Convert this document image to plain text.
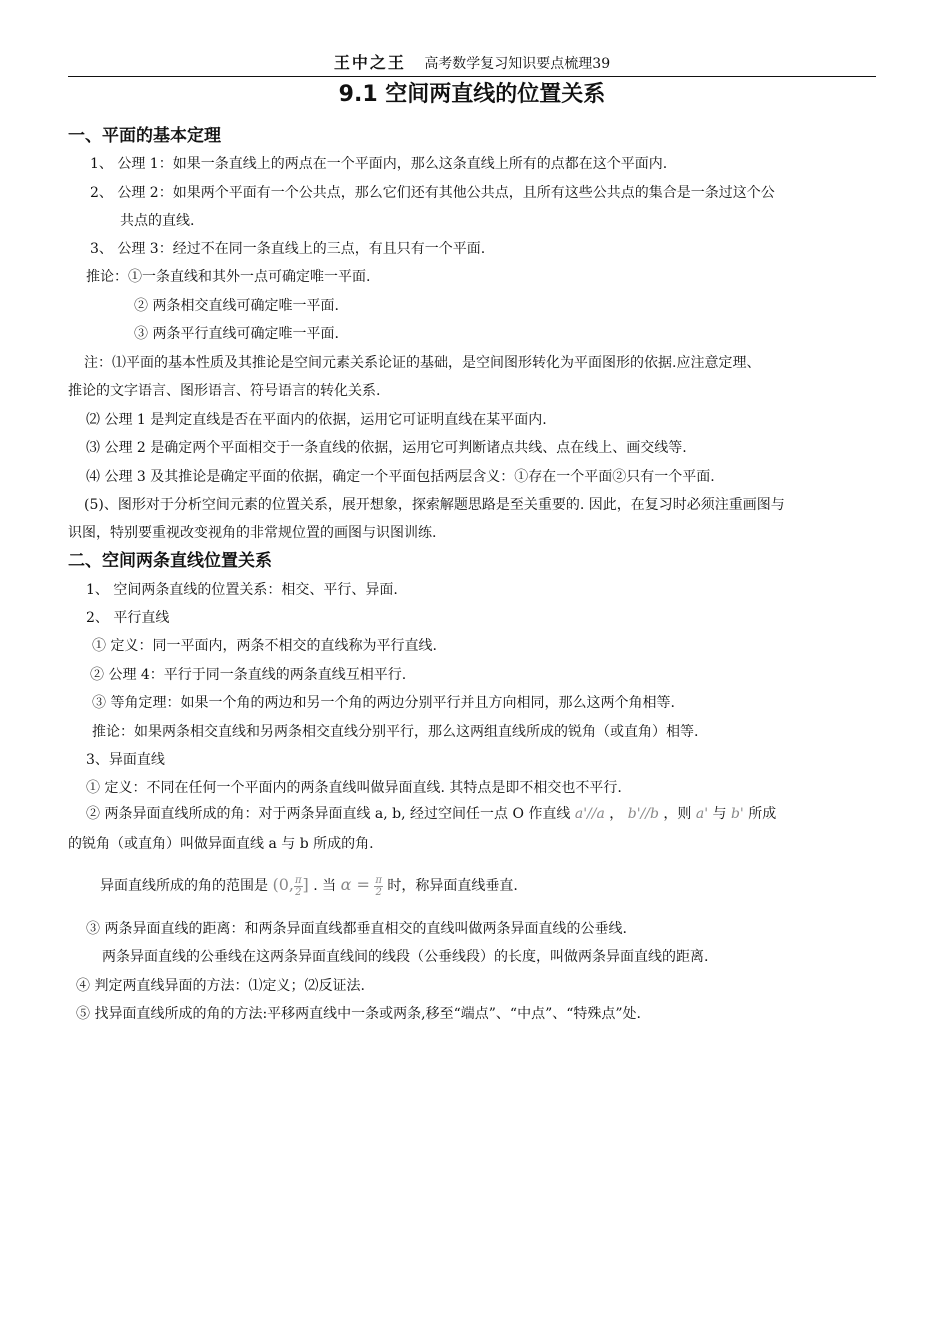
王中之王 高考数学复习知识要点梳理39
9.1 空间两直线的位置关系
一、平面的基本定理
1、 公理 1：如果一条直线上的两点在一个平面内，那么这条直线上所有的点都在这个平面内.
2、 公理 2：如果两个平面有一个公共点，那么它们还有其他公共点，且所有这些公共点的集合是一条过这个公
共点的直线.
3、 公理 3：经过不在同一条直线上的三点，有且只有一个平面.
推论：①一条直线和其外一点可确定唯一平面.
② 两条相交直线可确定唯一平面.
③ 两条平行直线可确定唯一平面.
注：⑴平面的基本性质及其推论是空间元素关系论证的基础，是空间图形转化为平面图形的依据.应注意定理、
推论的文字语言、图形语言、符号语言的转化关系.
⑵ 公理 1 是判定直线是否在平面内的依据，运用它可证明直线在某平面内.
⑶ 公理 2 是确定两个平面相交于一条直线的依据，运用它可判断诸点共线、点在线上、画交线等.
⑷ 公理 3 及其推论是确定平面的依据，确定一个平面包括两层含义：①存在一个平面②只有一个平面.
(5)、图形对于分析空间元素的位置关系，展开想象，探索解题思路是至关重要的. 因此，在复习时必须注重画图与
识图，特别要重视改变视角的非常规位置的画图与识图训练.
二、空间两条直线位置关系
1、 空间两条直线的位置关系：相交、平行、异面.
2、 平行直线
① 定义：同一平面内，两条不相交的直线称为平行直线.
② 公理 4：平行于同一条直线的两条直线互相平行.
③ 等角定理：如果一个角的两边和另一个角的两边分别平行并且方向相同，那么这两个角相等.
推论：如果两条相交直线和另两条相交直线分别平行，那么这两组直线所成的锐角（或直角）相等.
3、异面直线
① 定义：不同在任何一个平面内的两条直线叫做异面直线. 其特点是即不相交也不平行.
② 两条异面直线所成的角：对于两条异面直线 a, b, 经过空间任一点 O 作直线 a'//a ， b'//b ，则 a' 与 b' 所成
的锐角（或直角）叫做异面直线 a 与 b 所成的角.
异面直线所成的角的范围是 (0, $\frac{\pi}{2}$ ] . 当 $\alpha = \frac{\pi}{2}$ 时，称异面直线垂直.
③ 两条异面直线的距离：和两条异面直线都垂直相交的直线叫做两条异面直线的公垂线.
两条异面直线的公垂线在这两条异面直线间的线段（公垂线段）的长度，叫做两条异面直线的距离.
④ 判定两直线异面的方法：⑴定义；⑵反证法.
⑤ 找异面直线所成的角的方法:平移两直线中一条或两条,移至“端点”、“中点”、“特殊点”处.
